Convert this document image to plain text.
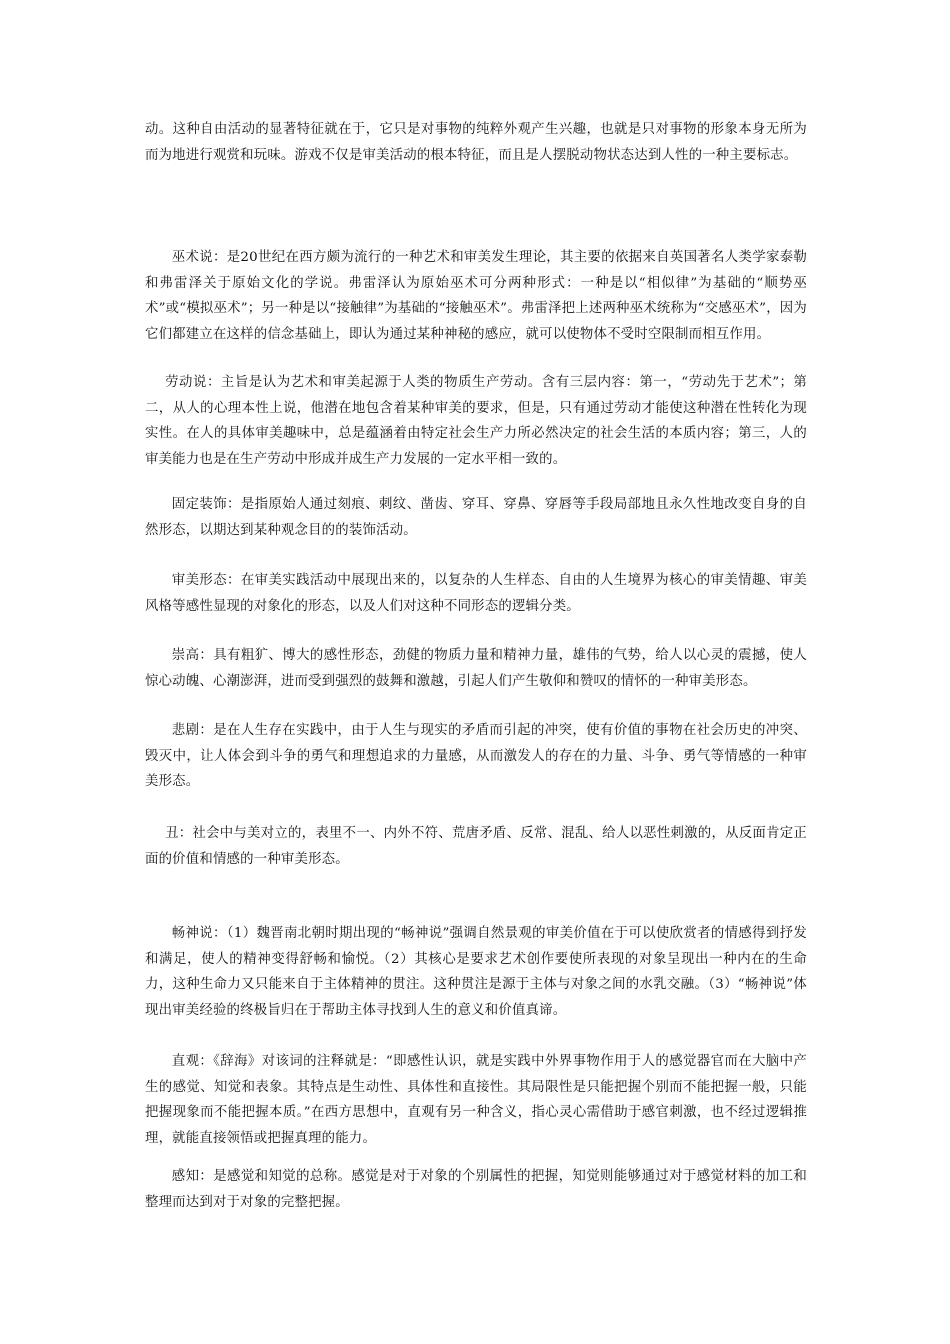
动。这种自由活动的显著特征就在于，它只是对事物的纯粹外观产生兴趣，也就是只对事物的形象本身无所为而为地进行观赏和玩味。游戏不仅是审美活动的根本特征，而且是人摆脱动物状态达到人性的一种主要标志。

巫术说：是20世纪在西方颇为流行的一种艺术和审美发生理论，其主要的依据来自英国著名人类学家泰勒和弗雷泽关于原始文化的学说。弗雷泽认为原始巫术可分两种形式：一种是以“相似律”为基础的“顺势巫术”或“模拟巫术”；另一种是以“接触律”为基础的“接触巫术”。弗雷泽把上述两种巫术统称为“交感巫术”，因为它们都建立在这样的信念基础上，即认为通过某种神秘的感应，就可以使物体不受时空限制而相互作用。

劳动说：主旨是认为艺术和审美起源于人类的物质生产劳动。含有三层内容：第一，“劳动先于艺术”；第二，从人的心理本性上说，他潜在地包含着某种审美的要求，但是，只有通过劳动才能使这种潜在性转化为现实性。在人的具体审美趣味中，总是蕴涵着由特定社会生产力所必然决定的社会生活的本质内容；第三，人的审美能力也是在生产劳动中形成并成生产力发展的一定水平相一致的。

固定装饰：是指原始人通过刻痕、刺纹、凿齿、穿耳、穿鼻、穿唇等手段局部地且永久性地改变自身的自然形态，以期达到某种观念目的的装饰活动。

审美形态：在审美实践活动中展现出来的，以复杂的人生样态、自由的人生境界为核心的审美情趣、审美风格等感性显现的对象化的形态，以及人们对这种不同形态的逻辑分类。

崇高：具有粗犷、博大的感性形态，劲健的物质力量和精神力量，雄伟的气势，给人以心灵的震撼，使人惊心动魄、心潮澎湃，进而受到强烈的鼓舞和激越，引起人们产生敬仰和赞叹的情怀的一种审美形态。

悲剧：是在人生存在实践中，由于人生与现实的矛盾而引起的冲突，使有价值的事物在社会历史的冲突、毁灭中，让人体会到斗争的勇气和理想追求的力量感，从而激发人的存在的力量、斗争、勇气等情感的一种审美形态。

丑：社会中与美对立的，表里不一、内外不符、荒唐矛盾、反常、混乱、给人以恶性刺激的，从反面肯定正面的价值和情感的一种审美形态。

畅神说：（1）魏晋南北朝时期出现的“畅神说”强调自然景观的审美价值在于可以使欣赏者的情感得到抒发和满足，使人的精神变得舒畅和愉悦。（2）其核心是要求艺术创作要使所表现的对象呈现出一种内在的生命力，这种生命力又只能来自于主体精神的贯注。这种贯注是源于主体与对象之间的水乳交融。（3）“畅神说”体现出审美经验的终极旨归在于帮助主体寻找到人生的意义和价值真谛。

直观：《辞海》对该词的注释就是：“即感性认识，就是实践中外界事物作用于人的感觉器官而在大脑中产生的感觉、知觉和表象。其特点是生动性、具体性和直接性。其局限性是只能把握个别而不能把握一般，只能把握现象而不能把握本质。”在西方思想中，直观有另一种含义，指心灵心需借助于感官刺激，也不经过逻辑推理，就能直接领悟或把握真理的能力。

感知：是感觉和知觉的总称。感觉是对于对象的个别属性的把握，知觉则能够通过对于感觉材料的加工和整理而达到对于对象的完整把握。
